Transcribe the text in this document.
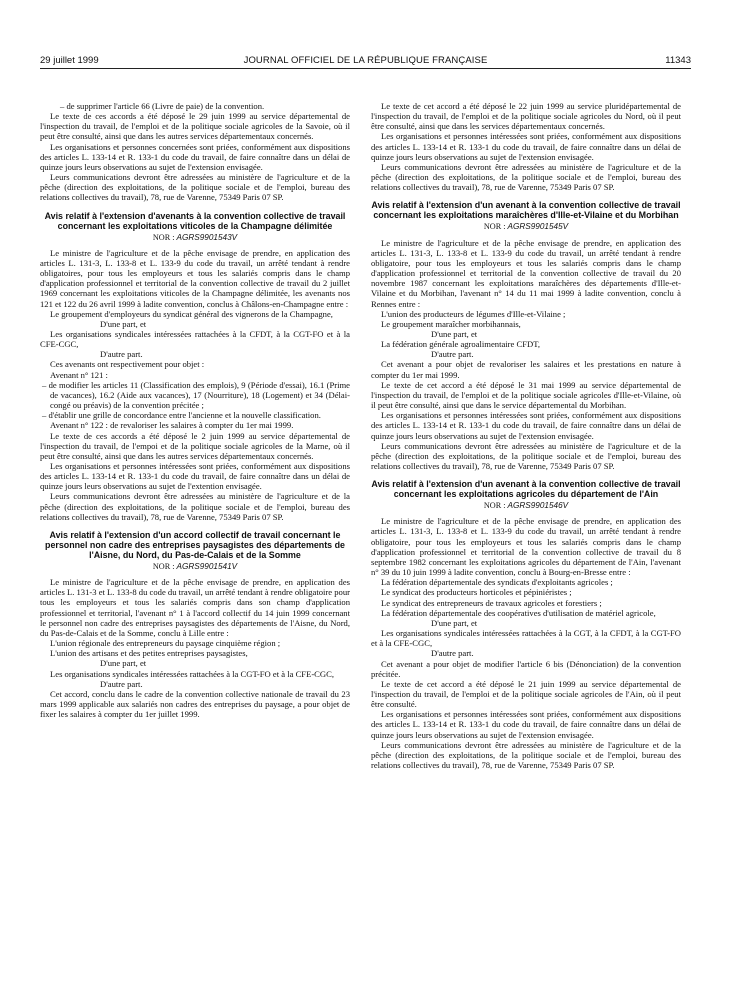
29 juillet 1999	JOURNAL OFFICIEL DE LA RÉPUBLIQUE FRANÇAISE	11343

– de supprimer l'article 66 (Livre de paie) de la convention.

Le texte de ces accords a été déposé le 29 juin 1999 au service départemental de l'inspection du travail, de l'emploi et de la politique sociale agricoles de la Savoie, où il peut être consulté, ainsi que dans les autres services départementaux concernés.

Les organisations et personnes concernées sont priées, conformément aux dispositions des articles L. 133-14 et R. 133-1 du code du travail, de faire connaître dans un délai de quinze jours leurs observations au sujet de l'extension envisagée.

Leurs communications devront être adressées au ministère de l'agriculture et de la pêche (direction des exploitations, de la politique sociale et de l'emploi, bureau des relations collectives du travail), 78, rue de Varenne, 75349 Paris 07 SP.

Avis relatif à l'extension d'avenants à la convention collective de travail concernant les exploitations viticoles de la Champagne délimitée
NOR : AGRS9901543V

Le ministre de l'agriculture et de la pêche envisage de prendre, en application des articles L. 131-3, L. 133-8 et L. 133-9 du code du travail, un arrêté tendant à rendre obligatoires, pour tous les employeurs et tous les salariés compris dans le champ d'application professionnel et territorial de la convention collective de travail du 2 juillet 1969 concernant les exploitations viticoles de la Champagne délimitée, les avenants nos 121 et 122 du 26 avril 1999 à ladite convention, conclus à Châlons-en-Champagne entre :

Le groupement d'employeurs du syndicat général des vignerons de la Champagne,

D'une part, et

Les organisations syndicales intéressées rattachées à la CFDT, à la CGT-FO et à la CFE-CGC,

D'autre part.

Ces avenants ont respectivement pour objet :

Avenant n° 121 :

– de modifier les articles 11 (Classification des emplois), 9 (Période d'essai), 16.1 (Prime de vacances), 16.2 (Aide aux vacances), 17 (Nourriture), 18 (Logement) et 34 (Délai-congé ou préavis) de la convention précitée ;

– d'établir une grille de concordance entre l'ancienne et la nouvelle classification.

Avenant n° 122 : de revaloriser les salaires à compter du 1er mai 1999.

Le texte de ces accords a été déposé le 2 juin 1999 au service départemental de l'inspection du travail, de l'empoi et de la politique sociale agricoles de la Marne, où il peut être consulté, ainsi que dans les autres services départementaux concernés.

Les organisations et personnes intéressées sont priées, conformément aux dispositions des articles L. 133-14 et R. 133-1 du code du travail, de faire connaître dans un délai de quinze jours leurs observations au sujet de l'extention envisagée.

Leurs communications devront être adressées au ministère de l'agriculture et de la pêche (direction des exploitations, de la politique sociale et de l'emploi, bureau des relations collectives du travail), 78, rue de Varenne, 75349 Paris 07 SP.

Avis relatif à l'extension d'un accord collectif de travail concernant le personnel non cadre des entreprises paysagistes des départements de l'Aisne, du Nord, du Pas-de-Calais et de la Somme
NOR : AGRS9901541V

Le ministre de l'agriculture et de la pêche envisage de prendre, en application des articles L. 131-3 et L. 133-8 du code du travail, un arrêté tendant à rendre obligatoire pour tous les employeurs et tous les salariés compris dans son champ d'application professionnel et territorial, l'avenant n° 1 à l'accord collectif du 14 juin 1999 concernant le personnel non cadre des entreprises paysagistes des départements de l'Aisne, du Nord, du Pas-de-Calais et de la Somme, conclu à Lille entre :

L'union régionale des entrepreneurs du paysage cinquième région ;

L'union des artisans et des petites entreprises paysagistes,

D'une part, et

Les organisations syndicales intéressées rattachées à la CGT-FO et à la CFE-CGC,

D'autre part.

Cet accord, conclu dans le cadre de la convention collective nationale de travail du 23 mars 1999 applicable aux salariés non cadres des entreprises du paysage, a pour objet de fixer les salaires à compter du 1er juillet 1999.

Le texte de cet accord a été déposé le 22 juin 1999 au service pluridépartemental de l'inspection du travail, de l'emploi et de la politique sociale agricoles du Nord, où il peut être consulté, ainsi que dans les services départementaux concernés.

Les organisations et personnes intéressées sont priées, conformément aux dispositions des articles L. 133-14 et R. 133-1 du code du travail, de faire connaître dans un délai de quinze jours leurs observations au sujet de l'extension envisagée.

Leurs communications devront être adressées au ministère de l'agriculture et de la pêche (direction des exploitations, de la politique sociale et de l'emploi, bureau des relations collectives du travail), 78, rue de Varenne, 75349 Paris 07 SP.

Avis relatif à l'extension d'un avenant à la convention collective de travail concernant les exploitations maraîchères d'Ille-et-Vilaine et du Morbihan
NOR : AGRS9901545V

Le ministre de l'agriculture et de la pêche envisage de prendre, en application des articles L. 131-3, L. 133-8 et L. 133-9 du code du travail, un arrêté tendant à rendre obligatoire, pour tous les employeurs et tous les salariés compris dans le champ d'application professionnel et territorial de la convention collective de travail du 20 novembre 1987 concernant les exploitations maraîchères des départements d'Ille-et-Vilaine et du Morbihan, l'avenant n° 14 du 11 mai 1999 à ladite convention, conclu à Rennes entre :

L'union des producteurs de légumes d'Ille-et-Vilaine ;

Le groupement maraîcher morbihannais,

D'une part, et

La fédération générale agroalimentaire CFDT,

D'autre part.

Cet avenant a pour objet de revaloriser les salaires et les prestations en nature à compter du 1er mai 1999.

Le texte de cet accord a été déposé le 31 mai 1999 au service départemental de l'inspection du travail, de l'emploi et de la politique sociale agricoles d'Ille-et-Vilaine, où il peut être consulté, ainsi que dans le service départemental du Morbihan.

Les organisations et personnes intéressées sont priées, conformément aux dispositions des articles L. 133-14 et R. 133-1 du code du travail, de faire connaître dans un délai de quinze jours leurs observations au sujet de l'extension envisagée.

Leurs communications devront être adressées au ministère de l'agriculture et de la pêche (direction des exploitations, de la politique sociale et de l'emploi, bureau des relations collectives du travail), 78, rue de Varenne, 75349 Paris 07 SP.

Avis relatif à l'extension d'un avenant à la convention collective de travail concernant les exploitations agricoles du département de l'Ain
NOR : AGRS9901546V

Le ministre de l'agriculture et de la pêche envisage de prendre, en application des articles L. 131-3, L. 133-8 et L. 133-9 du code du travail, un arrêté tendant à rendre obligatoire, pour tous les employeurs et tous les salariés compris dans le champ d'application professionnel et territorial de la convention collective de travail du 8 septembre 1982 concernant les exploitations agricoles du département de l'Ain, l'avenant n° 39 du 10 juin 1999 à ladite convention, conclu à Bourg-en-Bresse entre :

La fédération départementale des syndicats d'exploitants agricoles ;

Le syndicat des producteurs horticoles et pépiniéristes ;

Le syndicat des entrepreneurs de travaux agricoles et forestiers ;

La fédération départementale des coopératives d'utilisation de matériel agricole,

D'une part, et

Les organisations syndicales intéressées rattachées à la CGT, à la CFDT, à la CGT-FO et à la CFE-CGC,

D'autre part.

Cet avenant a pour objet de modifier l'article 6 bis (Dénonciation) de la convention précitée.

Le texte de cet accord a été déposé le 21 juin 1999 au service départemental de l'inspection du travail, de l'emploi et de la politique sociale agricoles de l'Ain, où il peut être consulté.

Les organisations et personnes intéressées sont priées, conformément aux dispositions des articles L. 133-14 et R. 133-1 du code du travail, de faire connaître dans un délai de quinze jours leurs observations au sujet de l'extension envisagée.

Leurs communications devront être adressées au ministère de l'agriculture et de la pêche (direction des exploitations, de la politique sociale et de l'emploi, bureau des relations collectives du travail), 78, rue de Varenne, 75349 Paris 07 SP.
